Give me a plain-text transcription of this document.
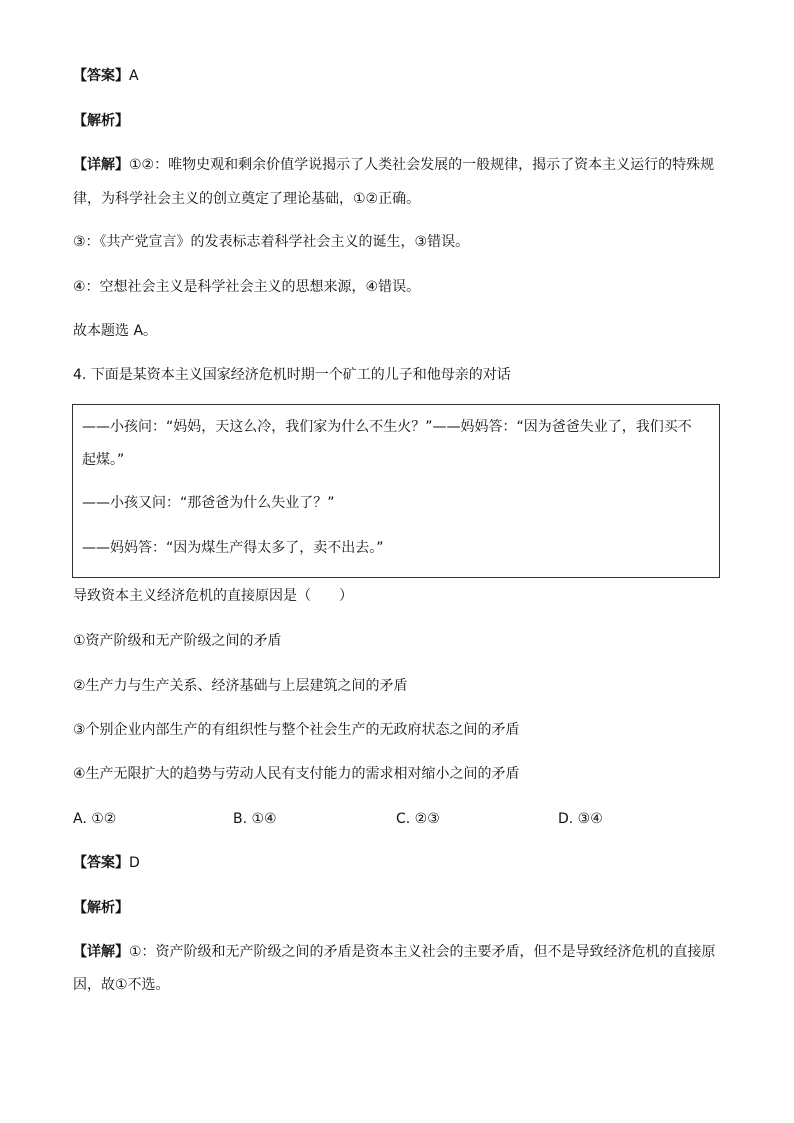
【答案】A
【解析】
【详解】①②：唯物史观和剩余价值学说揭示了人类社会发展的一般规律，揭示了资本主义运行的特殊规
律，为科学社会主义的创立奠定了理论基础，①②正确。
③：《共产党宣言》的发表标志着科学社会主义的诞生，③错误。
④：空想社会主义是科学社会主义的思想来源，④错误。
故本题选 A。
4. 下面是某资本主义国家经济危机时期一个矿工的儿子和他母亲的对话
——小孩问：“妈妈，天这么冷，我们家为什么不生火？”——妈妈答：“因为爸爸失业了，我们买不
起煤。”
——小孩又问：“那爸爸为什么失业了？”
——妈妈答：“因为煤生产得太多了，卖不出去。”
导致资本主义经济危机的直接原因是（　　）
①资产阶级和无产阶级之间的矛盾
②生产力与生产关系、经济基础与上层建筑之间的矛盾
③个别企业内部生产的有组织性与整个社会生产的无政府状态之间的矛盾
④生产无限扩大的趋势与劳动人民有支付能力的需求相对缩小之间的矛盾
A. ①②	B. ①④	C. ②③	D. ③④
【答案】D
【解析】
【详解】①：资产阶级和无产阶级之间的矛盾是资本主义社会的主要矛盾，但不是导致经济危机的直接原
因，故①不选。
